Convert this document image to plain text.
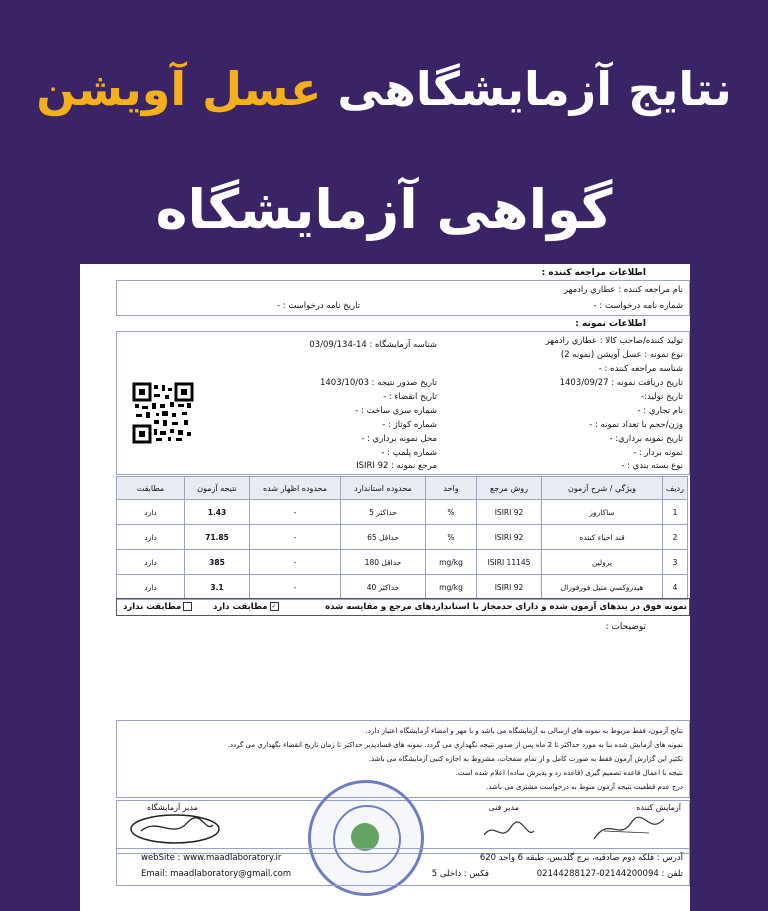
نتایج آزمایشگاهی عسل آویشن
گواهی آزمایشگاه
اطلاعات مراجعه کننده :
نام مراجعه کننده : عطاري رادمهر
شماره نامه درخواست : -
تاريخ نامه درخواست : -
اطلاعات نمونه :
توليد كننده/صاحب كالا : عطاري رادمهر
نوع نمونه : عسل آويشن (نمونه 2)
شناسه مراجعه كننده : -
تاريخ دريافت نمونه : 1403/09/27
تاريخ توليد:-
نام تجاري : -
وزن/حجم با تعداد نمونه : -
تاريخ نمونه برداري: -
نمونه بردار : -
نوع بسته بندي : -
شناسه آزمایشگاه : 14-03/09/134
تاريخ صدور نتيجه : 1403/10/03
تاريخ انقضاء : -
شماره سري ساخت : -
شماره كوتاژ : -
محل نمونه برداري : -
شماره پلمپ : -
مرجع نمونه : ISIRI 92
رديف	ويژگي / شرح آزمون	روش مرجع	واحد	محدوده استاندارد	محدوده اظهار شده	نتيجه آزمون	مطابقت
1	ساكاروز	ISIRI 92	%	حداكثر 5	-	1.43	دارد
2	قند احياء كننده	ISIRI 92	%	حداقل 65	-	71.85	دارد
3	پرولين	ISIRI 11145	mg/kg	حداقل 180	-	385	دارد
4	هيدروكسي متيل فورفورال	ISIRI 92	mg/kg	حداكثر 40	-	3.1	دارد
نمونه فوق در بندهای آزمون شده و دارای حدمجاز با استانداردهای مرجع و مقايسه شده
✓مطابقت دارد
مطابقت ندارد
توضيحات :
نتايج آزمون، فقط مربوط به نمونه های ارسالی به آزمايشگاه می باشد و با مهر و امضاء آزمايشگاه اعتبار دارد.
نمونه های آزمايش شده بنا به مورد حداكثر تا 2 ماه پس از صدور نتيجه نگهداري می گردد. نمونه های فسادپذير حداكثر تا زمان تاريخ انقضاء نگهداري می گردد.
تكثير اين گزارش آزمون فقط به صورت كامل و از تمام صفحات، مشروط به اجازه كتبی آزمايشگاه می باشد.
نتيجه با اعمال قاعده تصميم گيری (قاعده رد و پذيرش ساده) اعلام شده است.
درج عدم قطعيت نتيجه آزمون منوط به درخواست مشتری می باشد.
آزمايش كننده
مدير فنی
مدير آزمايشگاه
آدرس : فلكه دوم صادقيه، برج گلديس، طبقه 6 واحد 620
تلفن : 02144200094-02144288127
فكس : داخلی 5
webSite : www.maadlaboratory.ir
Email: maadlaboratory@gmail.com
